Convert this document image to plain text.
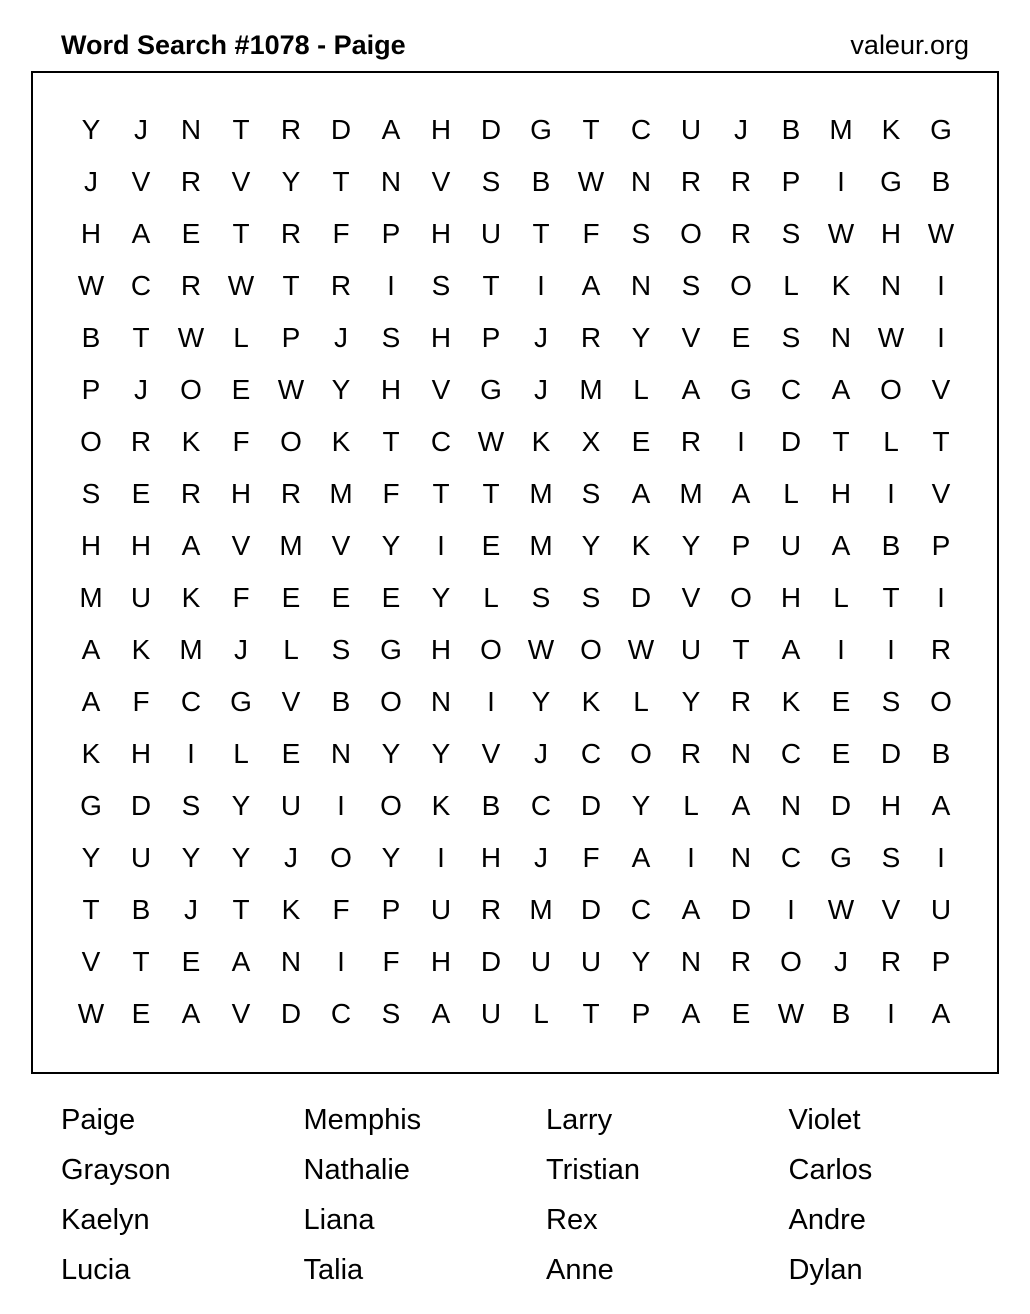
Word Search #1078 - Paige	valeur.org
Y	J	N	T	R	D	A	H	D	G	T	C	U	J	B	M	K	G
J	V	R	V	Y	T	N	V	S	B W N	R	R	P	I	G	B
H	A	E	T	R	F	P	H	U	T	F	S	O	R	S W H W
W C	R W	T	R	I	S	T	I	A	N	S	O	L	K	N	I
B	T	W	L	P	J	S	H	P	J	R	Y	V	E	S	N W	I
P	J	O	E W Y	H	V	G	J	M	L	A	G	C	A	O	V
O	R	K	F	O	K	T	C W K	X	E	R	I	D	T	L	T
S	E	R	H	R	M	F	T	T	M	S	A	M	A	L	H	I	V
H	H	A	V	M	V	Y	I	E	M	Y	K	Y	P	U	A	B	P
M	U	K	F	E	E	E	Y	L	S	S	D	V	O	H	L	T	I
A	K	M	J	L	S	G	H	O W O W U	T	A	I	I	R
A	F	C	G	V	B	O	N	I	Y	K	L	Y	R	K	E	S	O
K	H	I	L	E	N	Y	Y	V	J	C	O	R	N	C	E	D	B
G	D	S	Y	U	I	O	K	B	C	D	Y	L	A	N	D	H	A
Y	U	Y	Y	J	O	Y	I	H	J	F	A	I	N	C	G	S	I
T	B	J	T	K	F	P	U	R	M	D	C	A	D	I	W V	U
V	T	E	A	N	I	F	H	D	U	U	Y	N	R	O	J	R	P
W E	A	V	D	C	S	A	U	L	T	P	A	E W B	I	A
Paige
Grayson
Kaelyn
Lucia
Memphis
Nathalie
Liana
Talia
Larry
Tristian
Rex
Anne
Violet
Carlos
Andre
Dylan
